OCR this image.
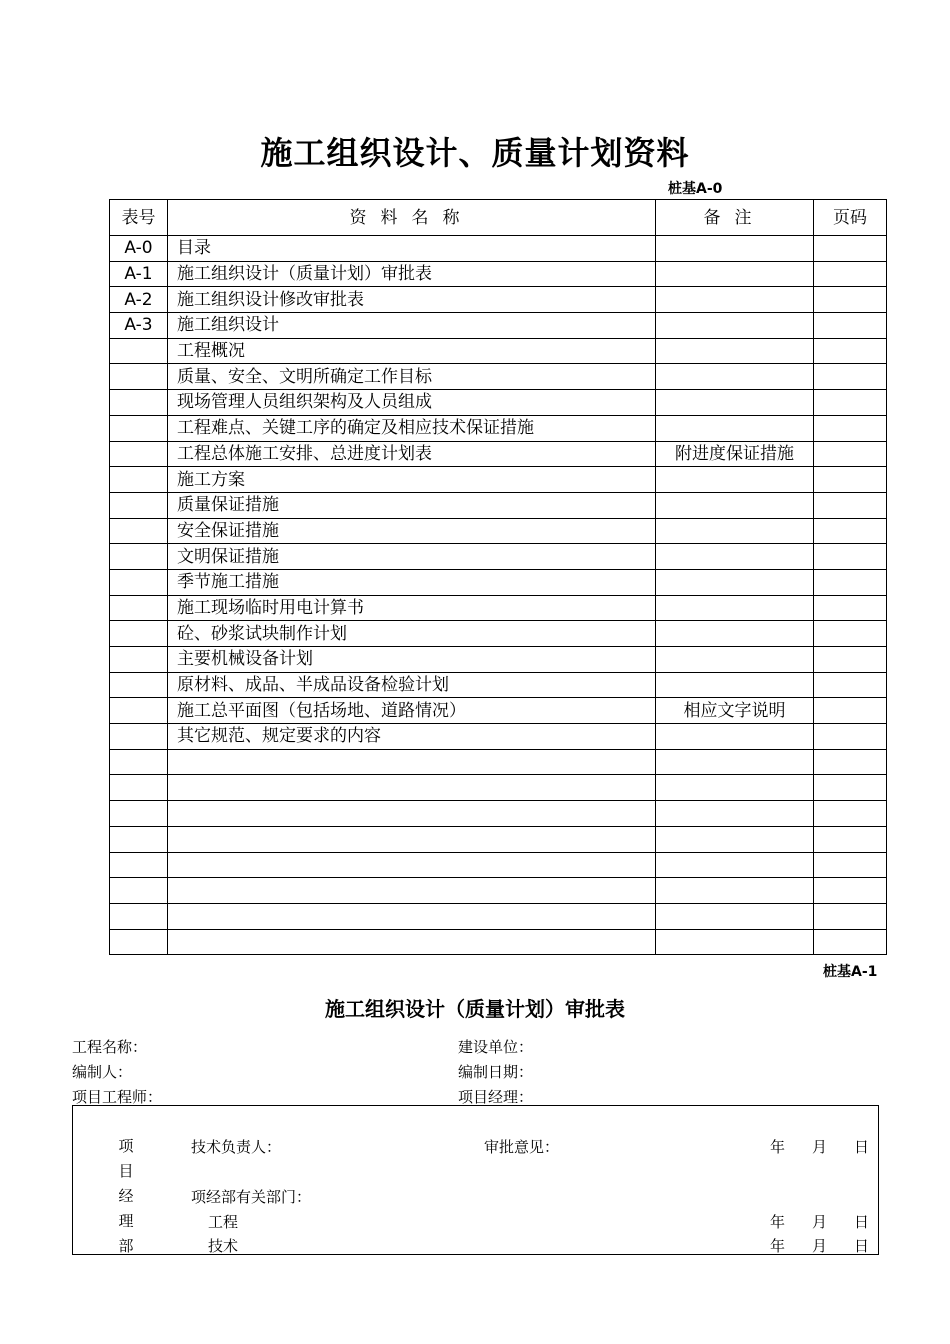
施工组织设计、质量计划资料
桩基A-0
表号	资料名称	备注	页码
A-0	目录		
A-1	施工组织设计（质量计划）审批表		
A-2	施工组织设计修改审批表		
A-3	施工组织设计		
	工程概况		
	质量、安全、文明所确定工作目标		
	现场管理人员组织架构及人员组成		
	工程难点、关键工序的确定及相应技术保证措施		
	工程总体施工安排、总进度计划表	附进度保证措施	
	施工方案		
	质量保证措施		
	安全保证措施		
	文明保证措施		
	季节施工措施		
	施工现场临时用电计算书		
	砼、砂浆试块制作计划		
	主要机械设备计划		
	原材料、成品、半成品设备检验计划		
	施工总平面图（包括场地、道路情况）	相应文字说明	
	其它规范、规定要求的内容		

桩基A-1
施工组织设计（质量计划）审批表
工程名称：	建设单位：
编制人：	编制日期：
项目工程师：	项目经理：
项
目
经
理
部
技术负责人：	审批意见：	年 月 日
项经部有关部门：
工程	年 月 日
技术	年 月 日
